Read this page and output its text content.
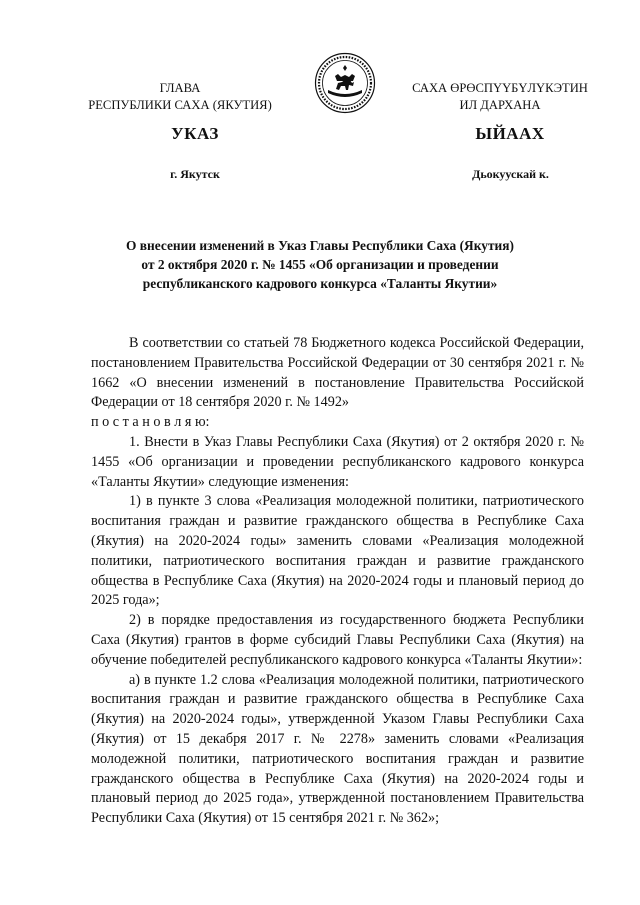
ГЛАВА
РЕСПУБЛИКИ САХА (ЯКУТИЯ)
САХА ӨРӨСПҮҮБҮЛҮКЭТИН
ИЛ ДАРХАНА
УКАЗ	ЫЙААХ
г. Якутск	Дьокуускай к.
О внесении изменений в Указ Главы Республики Саха (Якутия)
от 2 октября 2020 г. № 1455 «Об организации и проведении
республиканского кадрового конкурса «Таланты Якутии»

В соответствии со статьей 78 Бюджетного кодекса Российской Федерации, постановлением Правительства Российской Федерации от 30 сентября 2021 г. № 1662 «О внесении изменений в постановление Правительства Российской Федерации от 18 сентября 2020 г. № 1492»

п о с т а н о в л я ю:

1. Внести в Указ Главы Республики Саха (Якутия) от 2 октября 2020 г. № 1455 «Об организации и проведении республиканского кадрового конкурса «Таланты Якутии» следующие изменения:

1) в пункте 3 слова «Реализация молодежной политики, патриотического воспитания граждан и развитие гражданского общества в Республике Саха (Якутия) на 2020-2024 годы» заменить словами «Реализация молодежной политики, патриотического воспитания граждан и развитие гражданского общества в Республике Саха (Якутия) на 2020-2024 годы и плановый период до 2025 года»;

2) в порядке предоставления из государственного бюджета Республики Саха (Якутия) грантов в форме субсидий Главы Республики Саха (Якутия) на обучение победителей республиканского кадрового конкурса «Таланты Якутии»:

а) в пункте 1.2 слова «Реализация молодежной политики, патриотического воспитания граждан и развитие гражданского общества в Республике Саха (Якутия) на 2020-2024 годы», утвержденной Указом Главы Республики Саха (Якутия) от 15 декабря 2017 г. № 2278» заменить словами «Реализация молодежной политики, патриотического воспитания граждан и развитие гражданского общества в Республике Саха (Якутия) на 2020-2024 годы и плановый период до 2025 года», утвержденной постановлением Правительства Республики Саха (Якутия) от 15 сентября 2021 г. № 362»;
